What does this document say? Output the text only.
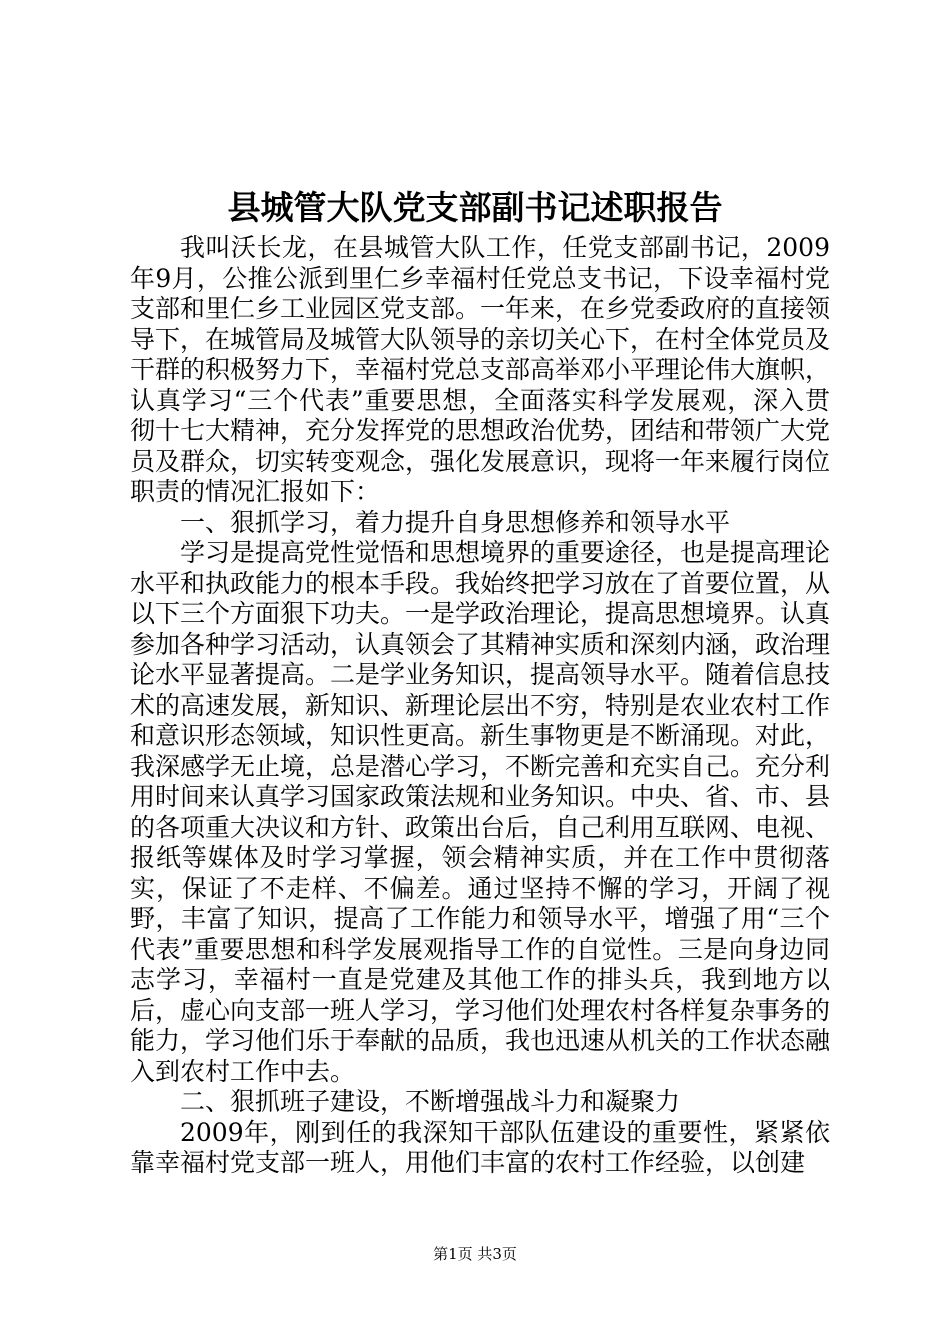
县城管大队党支部副书记述职报告

我叫沃长龙，在县城管大队工作，任党支部副书记，2009年9月，公推公派到里仁乡幸福村任党总支书记，下设幸福村党支部和里仁乡工业园区党支部。一年来，在乡党委政府的直接领导下，在城管局及城管大队领导的亲切关心下，在村全体党员及干群的积极努力下，幸福村党总支部高举邓小平理论伟大旗帜，认真学习“三个代表”重要思想，全面落实科学发展观，深入贯彻十七大精神，充分发挥党的思想政治优势，团结和带领广大党员及群众，切实转变观念，强化发展意识，现将一年来履行岗位职责的情况汇报如下：

一、狠抓学习，着力提升自身思想修养和领导水平

学习是提高党性觉悟和思想境界的重要途径，也是提高理论水平和执政能力的根本手段。我始终把学习放在了首要位置，从以下三个方面狠下功夫。一是学政治理论，提高思想境界。认真参加各种学习活动，认真领会了其精神实质和深刻内涵，政治理论水平显著提高。二是学业务知识，提高领导水平。随着信息技术的高速发展，新知识、新理论层出不穷，特别是农业农村工作和意识形态领域，知识性更高。新生事物更是不断涌现。对此，我深感学无止境，总是潜心学习，不断完善和充实自己。充分利用时间来认真学习国家政策法规和业务知识。中央、省、市、县的各项重大决议和方针、政策出台后，自己利用互联网、电视、报纸等媒体及时学习掌握，领会精神实质，并在工作中贯彻落实，保证了不走样、不偏差。通过坚持不懈的学习，开阔了视野，丰富了知识，提高了工作能力和领导水平，增强了用“三个代表”重要思想和科学发展观指导工作的自觉性。三是向身边同志学习，幸福村一直是党建及其他工作的排头兵，我到地方以后，虚心向支部一班人学习，学习他们处理农村各样复杂事务的能力，学习他们乐于奉献的品质，我也迅速从机关的工作状态融入到农村工作中去。

二、狠抓班子建设，不断增强战斗力和凝聚力

2009年，刚到任的我深知干部队伍建设的重要性，紧紧依靠幸福村党支部一班人，用他们丰富的农村工作经验，以创建

第1页 共3页
